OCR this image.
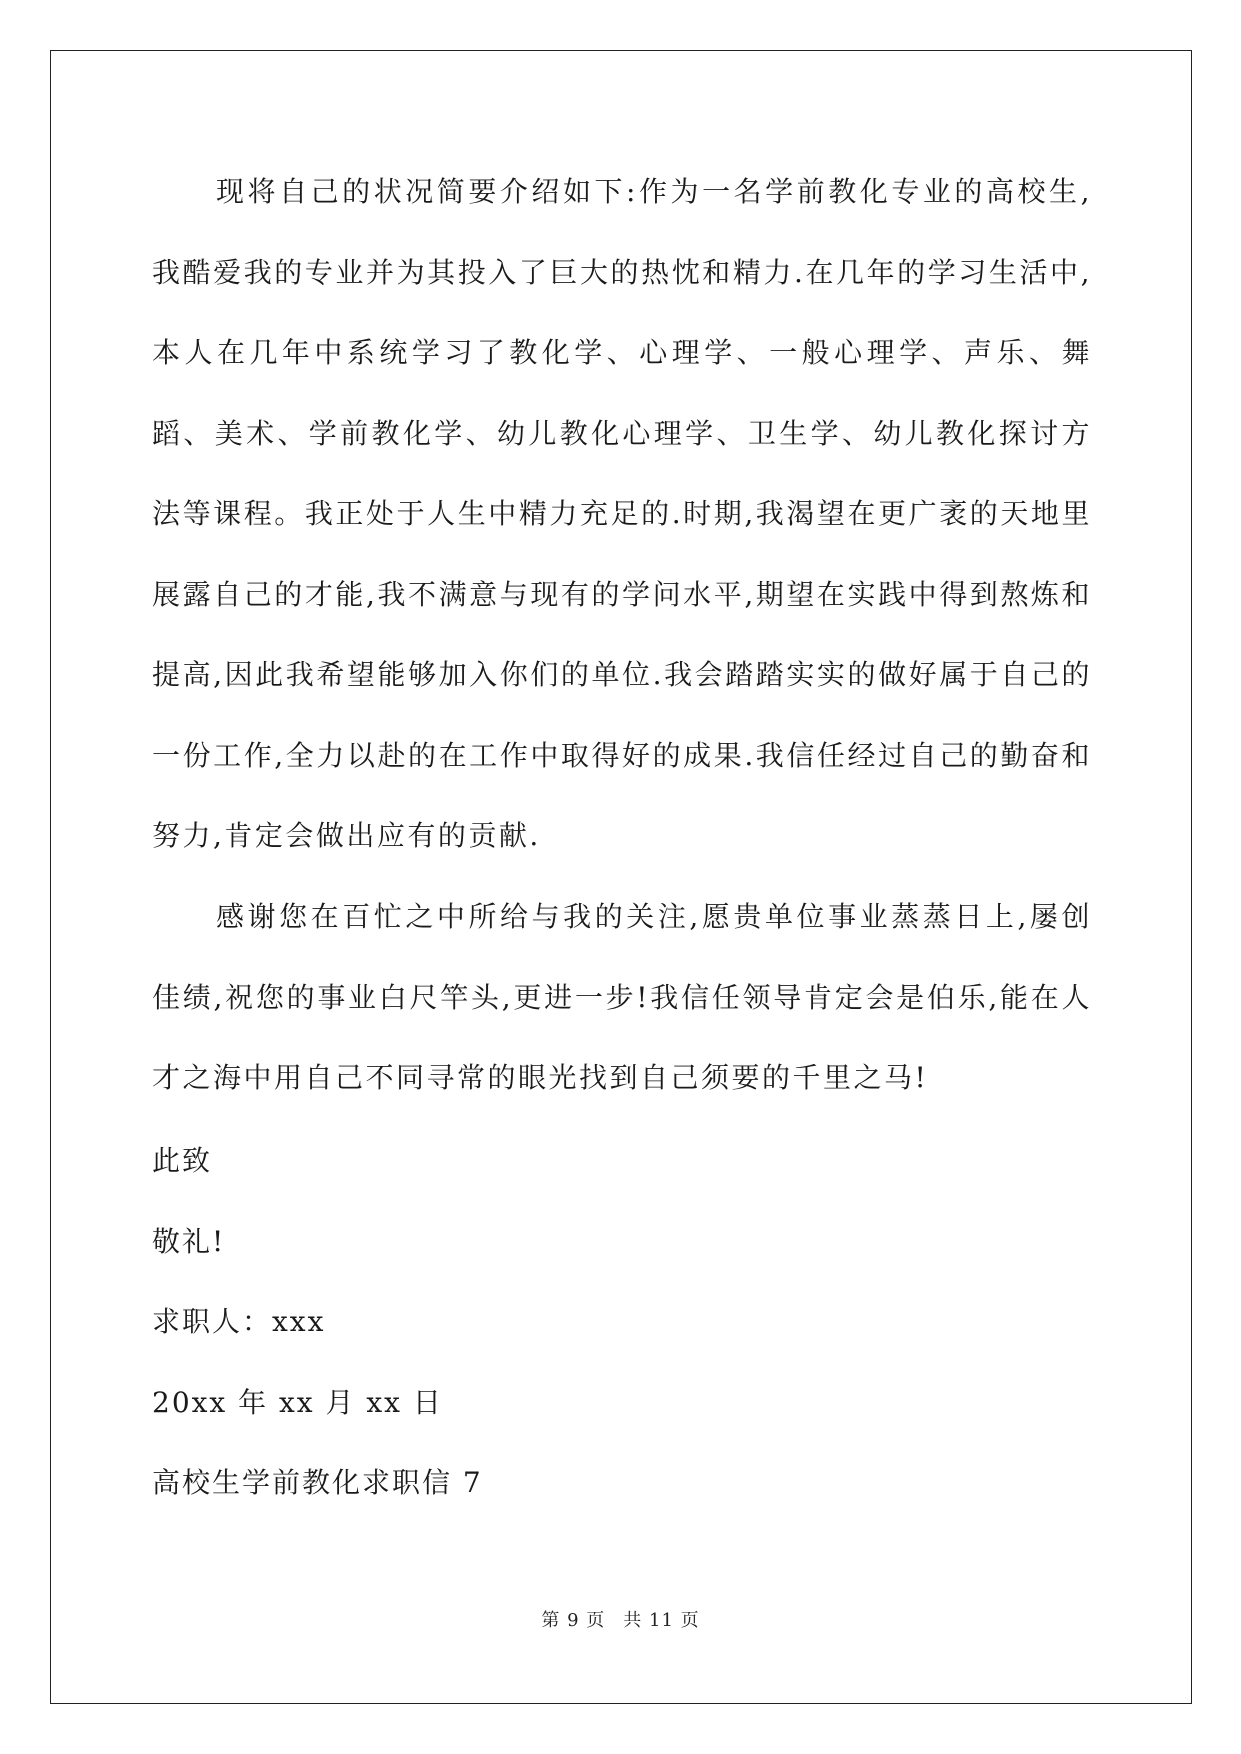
现将自己的状况简要介绍如下:作为一名学前教化专业的高校生,我酷爱我的专业并为其投入了巨大的热忱和精力.在几年的学习生活中,本人在几年中系统学习了教化学、心理学、一般心理学、声乐、舞蹈、美术、学前教化学、幼儿教化心理学、卫生学、幼儿教化探讨方法等课程。我正处于人生中精力充足的.时期,我渴望在更广袤的天地里展露自己的才能,我不满意与现有的学问水平,期望在实践中得到熬炼和提高,因此我希望能够加入你们的单位.我会踏踏实实的做好属于自己的一份工作,全力以赴的在工作中取得好的成果.我信任经过自己的勤奋和努力,肯定会做出应有的贡献.

感谢您在百忙之中所给与我的关注,愿贵单位事业蒸蒸日上,屡创佳绩,祝您的事业白尺竿头,更进一步!我信任领导肯定会是伯乐,能在人才之海中用自己不同寻常的眼光找到自己须要的千里之马!

此致
敬礼!
求职人：xxx
20xx 年 xx 月 xx 日
高校生学前教化求职信 7
第 9 页 共 11 页
